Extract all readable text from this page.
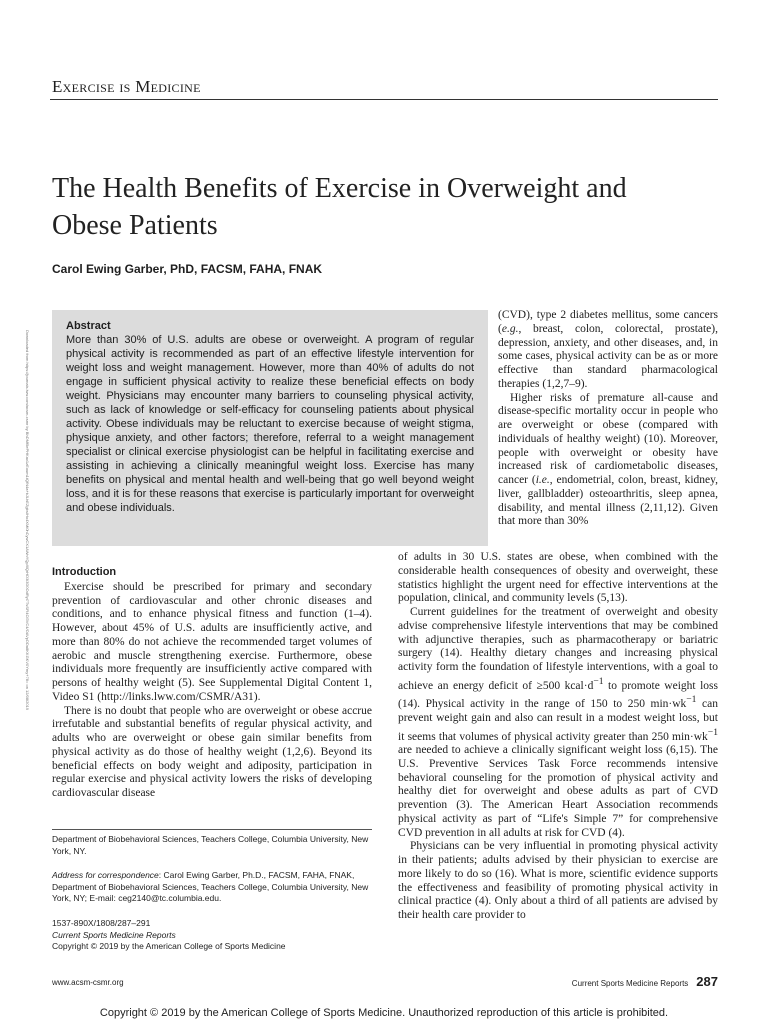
Exercise is Medicine
The Health Benefits of Exercise in Overweight and Obese Patients
Carol Ewing Garber, PhD, FACSM, FAHA, FNAK
Downloaded from https://journals.lww.com/acsm-csmr by BhDMf5ePHKav1zEoum1tQfN4a+kJLhEZgbsIHo4XMi0hCywCX1AWnYQp/IlQrHD3i3D0OdRyi7TvSFl4Cf3VC4/OAVpDDa8KKGKV0Ymy+78= on 12/08/2019
Abstract
More than 30% of U.S. adults are obese or overweight. A program of regular physical activity is recommended as part of an effective lifestyle intervention for weight loss and weight management. However, more than 40% of adults do not engage in sufficient physical activity to realize these beneficial effects on body weight. Physicians may encounter many barriers to counseling physical activity, such as lack of knowledge or self-efficacy for counseling patients about physical activity. Obese individuals may be reluctant to exercise because of weight stigma, physique anxiety, and other factors; therefore, referral to a weight management specialist or clinical exercise physiologist can be helpful in facilitating exercise and assisting in achieving a clinically meaningful weight loss. Exercise has many benefits on physical and mental health and well-being that go well beyond weight loss, and it is for these reasons that exercise is particularly important for overweight and obese individuals.

(CVD), type 2 diabetes mellitus, some cancers (e.g., breast, colon, colorectal, prostate), depression, anxiety, and other diseases, and, in some cases, physical activity can be as or more effective than standard pharmacological therapies (1,2,7–9).

Higher risks of premature all-cause and disease-specific mortality occur in people who are overweight or obese (compared with individuals of healthy weight) (10). Moreover, people with overweight or obesity have increased risk of cardiometabolic diseases, cancer (i.e., endometrial, colon, breast, kidney, liver, gallbladder) osteoarthritis, sleep apnea, disability, and mental illness (2,11,12). Given that more than 30%

of adults in 30 U.S. states are obese, when combined with the considerable health consequences of obesity and overweight, these statistics highlight the urgent need for effective interventions at the population, clinical, and community levels (5,13).

Current guidelines for the treatment of overweight and obesity advise comprehensive lifestyle interventions that may be combined with adjunctive therapies, such as pharmacotherapy or bariatric surgery (14). Healthy dietary changes and increasing physical activity form the foundation of lifestyle interventions, with a goal to achieve an energy deficit of ≥500 $kcal\cdot d^{-1}$ to promote weight loss (14). Physical activity in the range of 150 to 250 $\min\cdot wk^{-1}$ can prevent weight gain and also can result in a modest weight loss, but it seems that volumes of physical activity greater than 250 $\min\cdot wk^{-1}$ are needed to achieve a clinically significant weight loss (6,15). The U.S. Preventive Services Task Force recommends intensive behavioral counseling for the promotion of physical activity and healthy diet for overweight and obese adults as part of CVD prevention (3). The American Heart Association recommends physical activity as part of “Life's Simple 7” for comprehensive CVD prevention in all adults at risk for CVD (4).

Physicians can be very influential in promoting physical activity in their patients; adults advised by their physician to exercise are more likely to do so (16). What is more, scientific evidence supports the effectiveness and feasibility of promoting physical activity in clinical practice (4). Only about a third of all patients are advised by their health care provider to

Introduction

Exercise should be prescribed for primary and secondary prevention of cardiovascular and other chronic diseases and conditions, and to enhance physical fitness and function (1–4). However, about 45% of U.S. adults are insufficiently active, and more than 80% do not achieve the recommended target volumes of aerobic and muscle strengthening exercise. Furthermore, obese individuals more frequently are insufficiently active compared with persons of healthy weight (5). See Supplemental Digital Content 1, Video S1 (http://links.lww.com/CSMR/A31).

There is no doubt that people who are overweight or obese accrue irrefutable and substantial benefits of regular physical activity, and adults who are overweight or obese gain similar benefits from physical activity as do those of healthy weight (1,2,6). Beyond its beneficial effects on body weight and adiposity, participation in regular exercise and physical activity lowers the risks of developing cardiovascular disease

Department of Biobehavioral Sciences, Teachers College, Columbia University, New York, NY.
Address for correspondence: Carol Ewing Garber, Ph.D., FACSM, FAHA, FNAK, Department of Biobehavioral Sciences, Teachers College, Columbia University, New York, NY; E-mail: ceg2140@tc.columbia.edu.
1537-890X/1808/287–291
Current Sports Medicine Reports
Copyright © 2019 by the American College of Sports Medicine
www.acsm-csmr.org	Current Sports Medicine Reports 287
Copyright © 2019 by the American College of Sports Medicine. Unauthorized reproduction of this article is prohibited.
